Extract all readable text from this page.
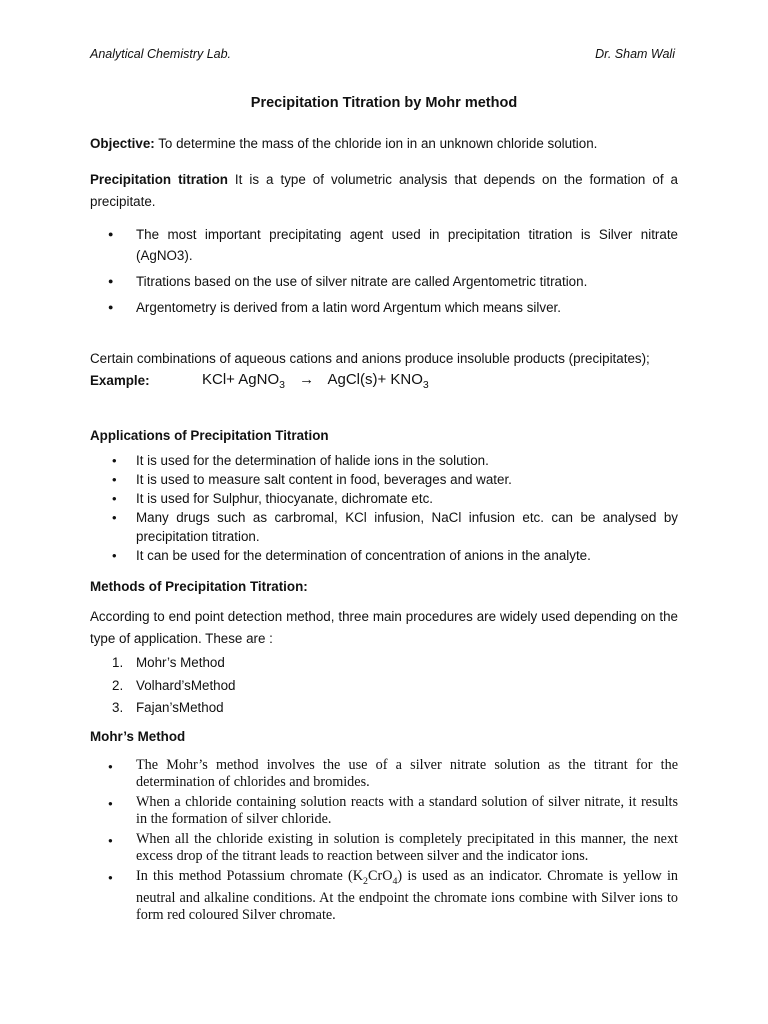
Analytical Chemistry Lab.	Dr. Sham Wali
Precipitation Titration by Mohr method
Objective: To determine the mass of the chloride ion in an unknown chloride solution.
Precipitation titration It is a type of volumetric analysis that depends on the formation of a precipitate.
● The most important precipitating agent used in precipitation titration is Silver nitrate (AgNO3).
● Titrations based on the use of silver nitrate are called Argentometric titration.
● Argentometry is derived from a latin word Argentum which means silver.
Certain combinations of aqueous cations and anions produce insoluble products (precipitates);
Example:	KCl+ AgNO$_3$ → AgCl(s)+ $KNO_3$
Applications of Precipitation Titration
• It is used for the determination of halide ions in the solution.
• It is used to measure salt content in food, beverages and water.
• It is used for Sulphur, thiocyanate, dichromate etc.
• Many drugs such as carbromal, KCl infusion, NaCl infusion etc. can be analysed by precipitation titration.
• It can be used for the determination of concentration of anions in the analyte.
Methods of Precipitation Titration:
According to end point detection method, three main procedures are widely used depending on the type of application. These are :
1. Mohr’s Method
2. Volhard’sMethod
3. Fajan’sMethod
Mohr’s Method
● The Mohr’s method involves the use of a silver nitrate solution as the titrant for the determination of chlorides and bromides.
● When a chloride containing solution reacts with a standard solution of silver nitrate, it results in the formation of silver chloride.
● When all the chloride existing in solution is completely precipitated in this manner, the next excess drop of the titrant leads to reaction between silver and the indicator ions.
● In this method Potassium chromate $(K_2CrO_4)$ is used as an indicator. Chromate is yellow in neutral and alkaline conditions. At the endpoint the chromate ions combine with Silver ions to form red coloured Silver chromate.
